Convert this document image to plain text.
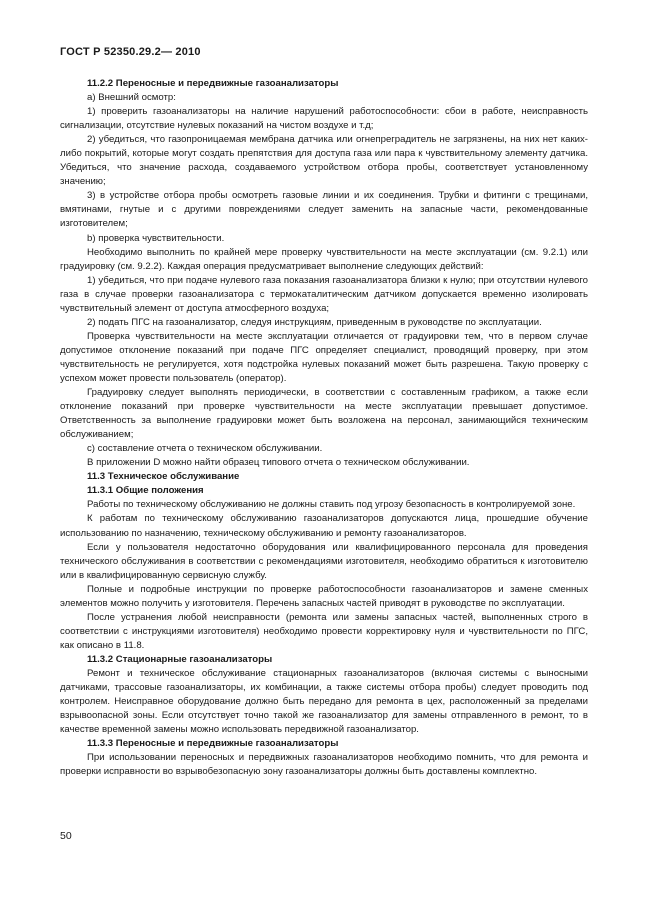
ГОСТ Р 52350.29.2— 2010

11.2.2 Переносные и передвижные газоанализаторы

а) Внешний осмотр:

1) проверить газоанализаторы на наличие нарушений работоспособности: сбои в работе, неисправность сигнализации, отсутствие нулевых показаний на чистом воздухе и т.д;

2) убедиться, что газопроницаемая мембрана датчика или огнепреградитель не загрязнены, на них нет каких-либо покрытий, которые могут создать препятствия для доступа газа или пара к чувствительному элементу датчика. Убедиться, что значение расхода, создаваемого устройством отбора пробы, соответствует установленному значению;

3) в устройстве отбора пробы осмотреть газовые линии и их соединения. Трубки и фитинги с трещинами, вмятинами, гнутые и с другими повреждениями следует заменить на запасные части, рекомендованные изготовителем;

b) проверка чувствительности.

Необходимо выполнить по крайней мере проверку чувствительности на месте эксплуатации (см. 9.2.1) или градуировку (см. 9.2.2). Каждая операция предусматривает выполнение следующих действий:

1) убедиться, что при подаче нулевого газа показания газоанализатора близки к нулю; при отсутствии нулевого газа в случае проверки газоанализатора с термокаталитическим датчиком допускается временно изолировать чувствительный элемент от доступа атмосферного воздуха;

2) подать ПГС на газоанализатор, следуя инструкциям, приведенным в руководстве по эксплуатации.

Проверка чувствительности на месте эксплуатации отличается от градуировки тем, что в первом случае допустимое отклонение показаний при подаче ПГС определяет специалист, проводящий проверку, при этом чувствительность не регулируется, хотя подстройка нулевых показаний может быть разрешена. Такую проверку с успехом может провести пользователь (оператор).

Градуировку следует выполнять периодически, в соответствии с составленным графиком, а также если отклонение показаний при проверке чувствительности на месте эксплуатации превышает допустимое. Ответственность за выполнение градуировки может быть возложена на персонал, занимающийся техническим обслуживанием;

с) составление отчета о техническом обслуживании.

В приложении D можно найти образец типового отчета о техническом обслуживании.

11.3 Техническое обслуживание

11.3.1 Общие положения

Работы по техническому обслуживанию не должны ставить под угрозу безопасность в контролируемой зоне.

К работам по техническому обслуживанию газоанализаторов допускаются лица, прошедшие обучение использованию по назначению, техническому обслуживанию и ремонту газоанализаторов.

Если у пользователя недостаточно оборудования или квалифицированного персонала для проведения технического обслуживания в соответствии с рекомендациями изготовителя, необходимо обратиться к изготовителю или в квалифицированную сервисную службу.

Полные и подробные инструкции по проверке работоспособности газоанализаторов и замене сменных элементов можно получить у изготовителя. Перечень запасных частей приводят в руководстве по эксплуатации.

После устранения любой неисправности (ремонта или замены запасных частей, выполненных строго в соответствии с инструкциями изготовителя) необходимо провести корректировку нуля и чувствительности по ПГС, как описано в 11.8.

11.3.2 Стационарные газоанализаторы

Ремонт и техническое обслуживание стационарных газоанализаторов (включая системы с выносными датчиками, трассовые газоанализаторы, их комбинации, а также системы отбора пробы) следует проводить под контролем. Неисправное оборудование должно быть передано для ремонта в цех, расположенный за пределами взрывоопасной зоны. Если отсутствует точно такой же газоанализатор для замены отправленного в ремонт, то в качестве временной замены можно использовать передвижной газоанализатор.

11.3.3 Переносные и передвижные газоанализаторы

При использовании переносных и передвижных газоанализаторов необходимо помнить, что для ремонта и проверки исправности во взрывобезопасную зону газоанализаторы должны быть доставлены комплектно.

50
